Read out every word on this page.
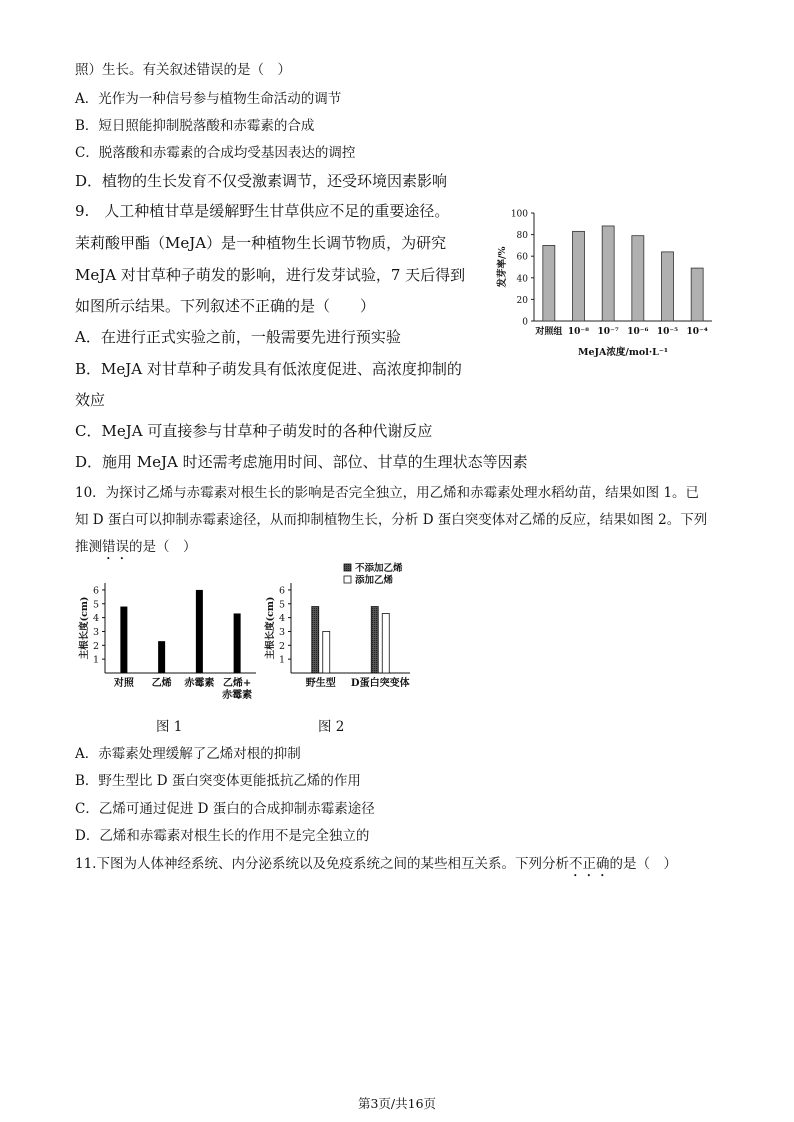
照）生长。有关叙述错误的是（　）
A．光作为一种信号参与植物生命活动的调节
B．短日照能抑制脱落酸和赤霉素的合成
C．脱落酸和赤霉素的合成均受基因表达的调控
D．植物的生长发育不仅受激素调节，还受环境因素影响
9.　人工种植甘草是缓解野生甘草供应不足的重要途径。
茉莉酸甲酯（MeJA）是一种植物生长调节物质，为研究
MeJA 对甘草种子萌发的影响，进行发芽试验，7 天后得到
如图所示结果。下列叙述不正确的是（　　）
A．在进行正式实验之前，一般需要先进行预实验
B．MeJA 对甘草种子萌发具有低浓度促进、高浓度抑制的
效应
C．MeJA 可直接参与甘草种子萌发时的各种代谢反应
D．施用 MeJA 时还需考虑施用时间、部位、甘草的生理状态等因素
0
20
40
60
80
100
对照组 10⁻⁸ 10⁻⁷ 10⁻⁶ 10⁻⁵ 10⁻⁴
发芽率/%
MeJA浓度/mol·L⁻¹
10．为探讨乙烯与赤霉素对根生长的影响是否完全独立，用乙烯和赤霉素处理水稻幼苗，结果如图 1。已
知 D 蛋白可以抑制赤霉素途径，从而抑制植物生长，分析 D 蛋白突变体对乙烯的反应，结果如图 2。下列
推测错误的是（　）
1
2
3
4
5
6
对照 乙烯 赤霉素 乙烯+赤霉素
主根长度(cm)
图 1
1
2
3
4
5
6
野生型 D蛋白突变体
不添加乙烯
添加乙烯
主根长度(cm)
图 2
A．赤霉素处理缓解了乙烯对根的抑制
B．野生型比 D 蛋白突变体更能抵抗乙烯的作用
C．乙烯可通过促进 D 蛋白的合成抑制赤霉素途径
D．乙烯和赤霉素对根生长的作用不是完全独立的
11.下图为人体神经系统、内分泌系统以及免疫系统之间的某些相互关系。下列分析不正确的是（　）
第3页/共16页
